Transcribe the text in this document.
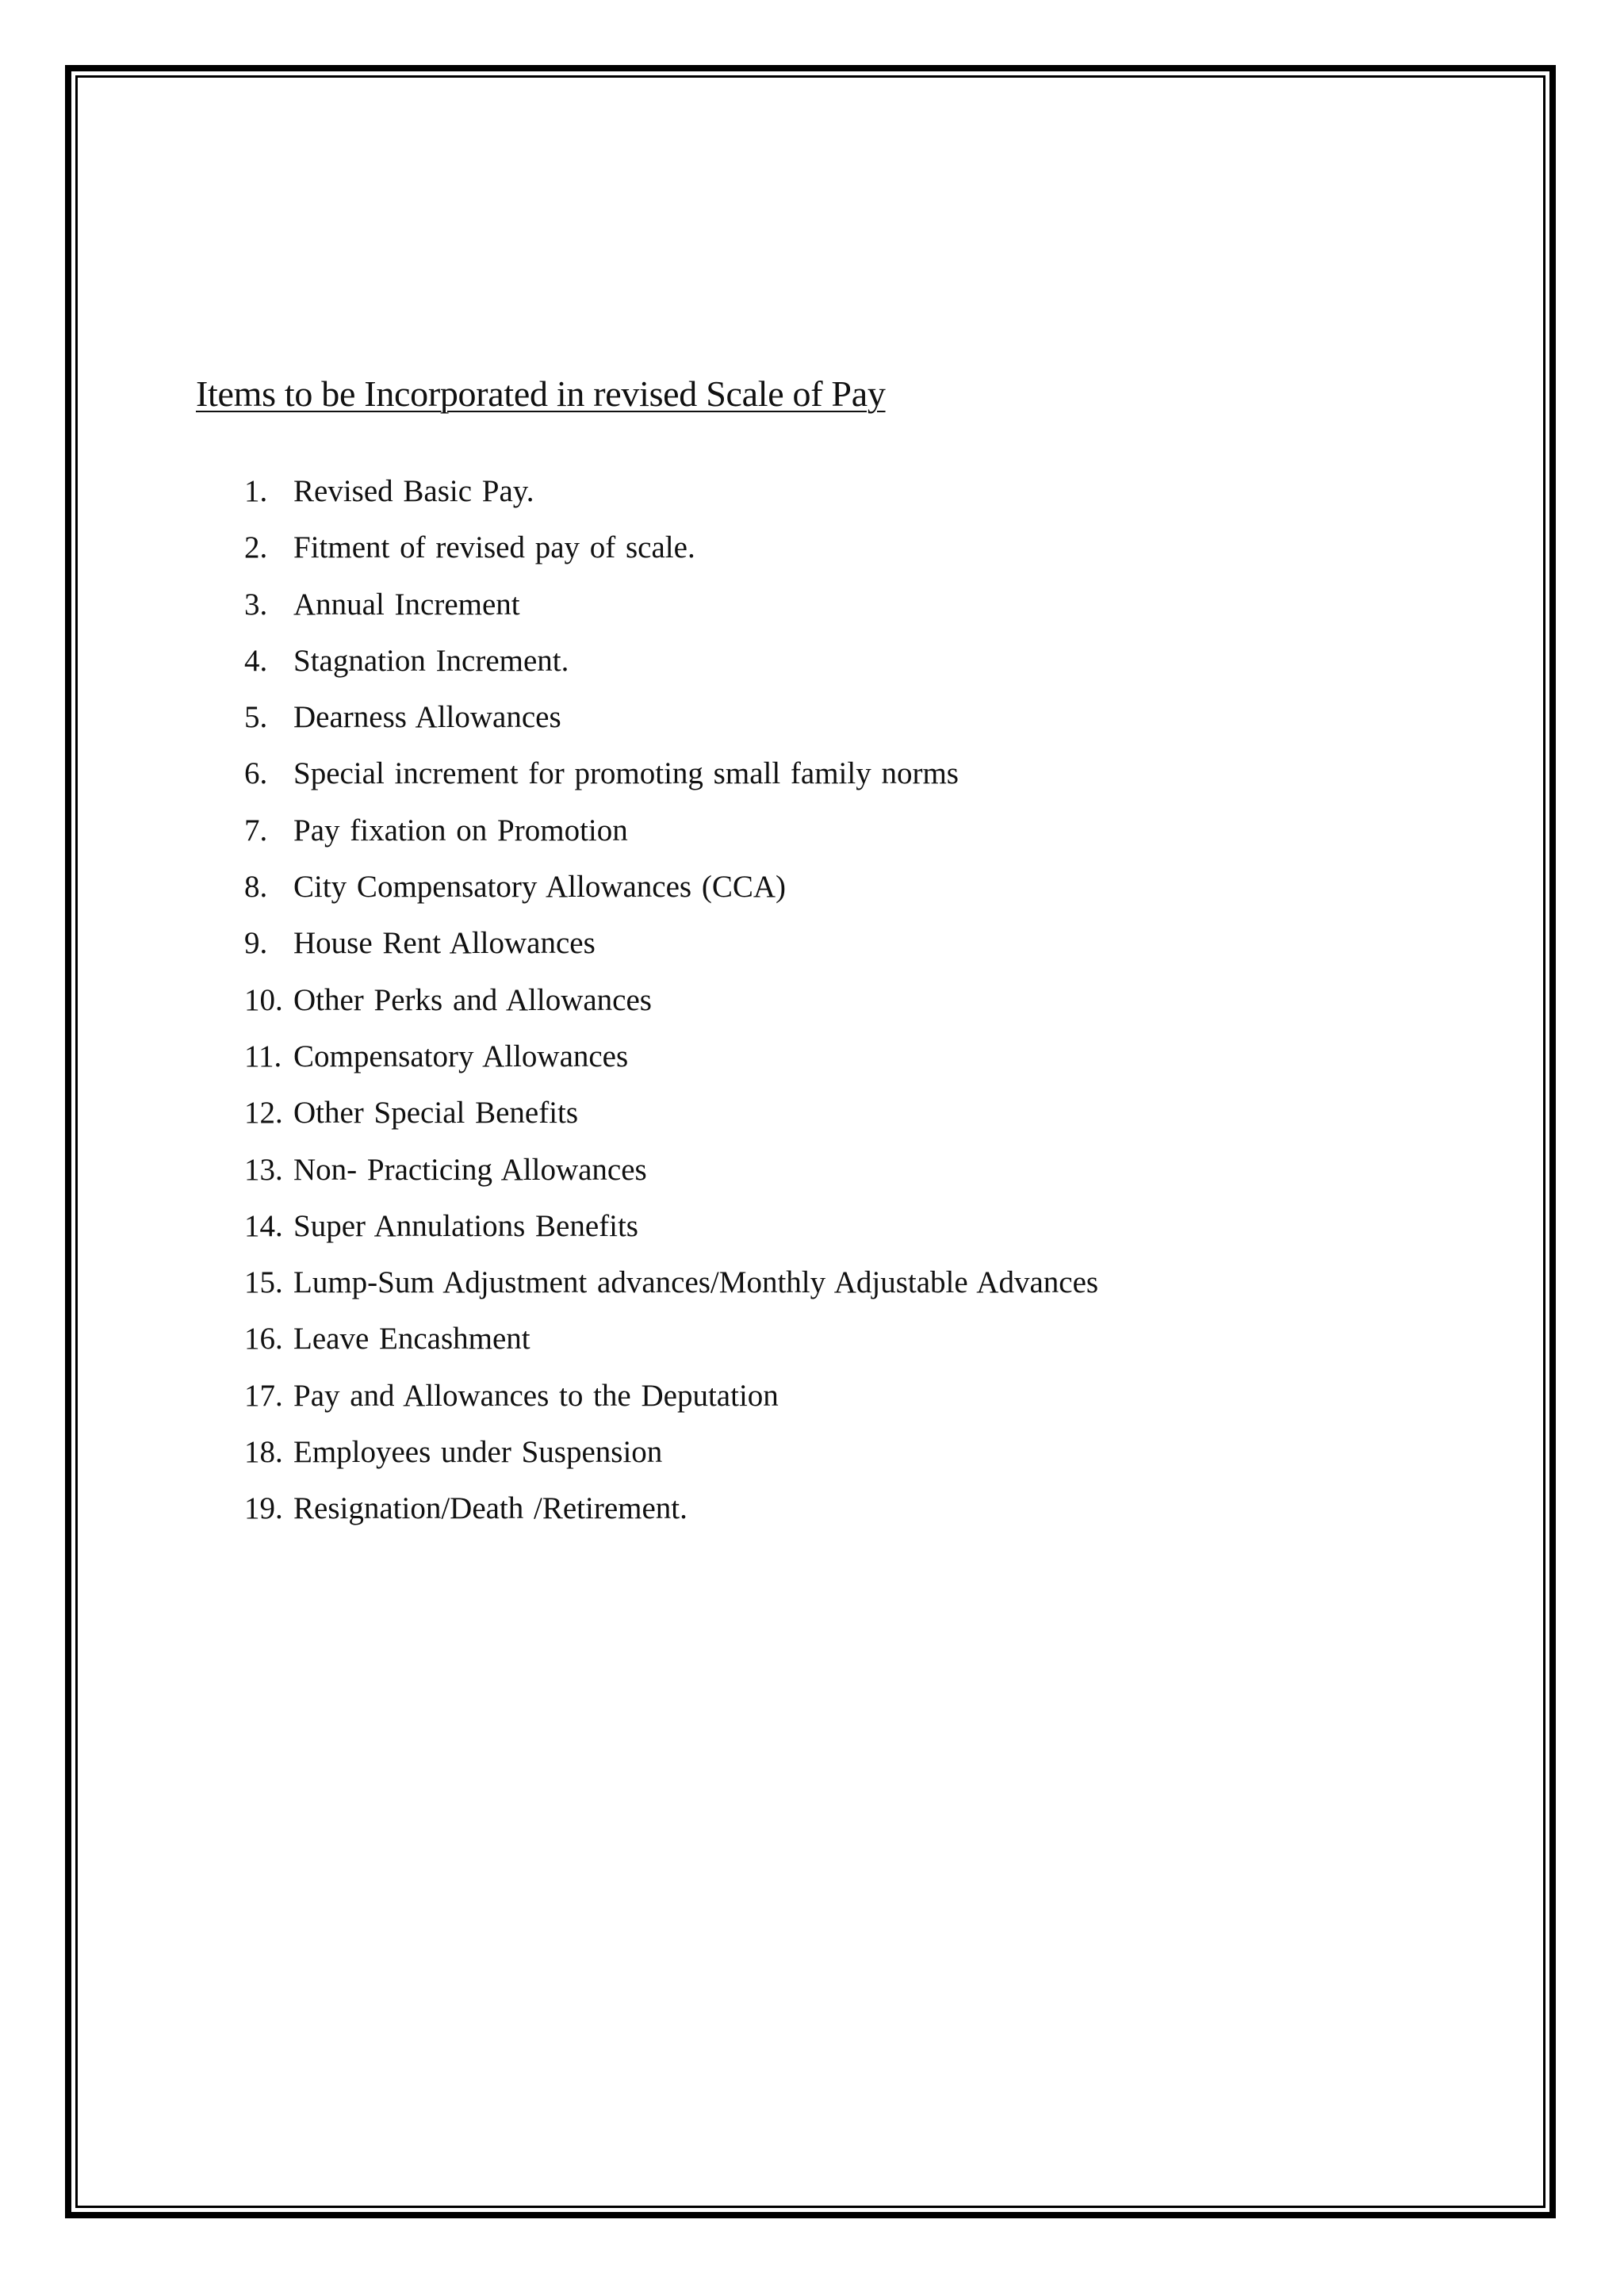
Items to be Incorporated in revised Scale of Pay
1. Revised Basic Pay.
2. Fitment of revised pay of scale.
3. Annual Increment
4. Stagnation Increment.
5. Dearness Allowances
6. Special increment for promoting small family norms
7. Pay fixation on Promotion
8. City Compensatory Allowances (CCA)
9. House Rent Allowances
10. Other Perks and Allowances
11. Compensatory Allowances
12. Other Special Benefits
13. Non- Practicing Allowances
14. Super Annulations Benefits
15. Lump-Sum Adjustment advances/Monthly Adjustable Advances
16. Leave Encashment
17. Pay and Allowances to the Deputation
18. Employees under Suspension
19. Resignation/Death /Retirement.
